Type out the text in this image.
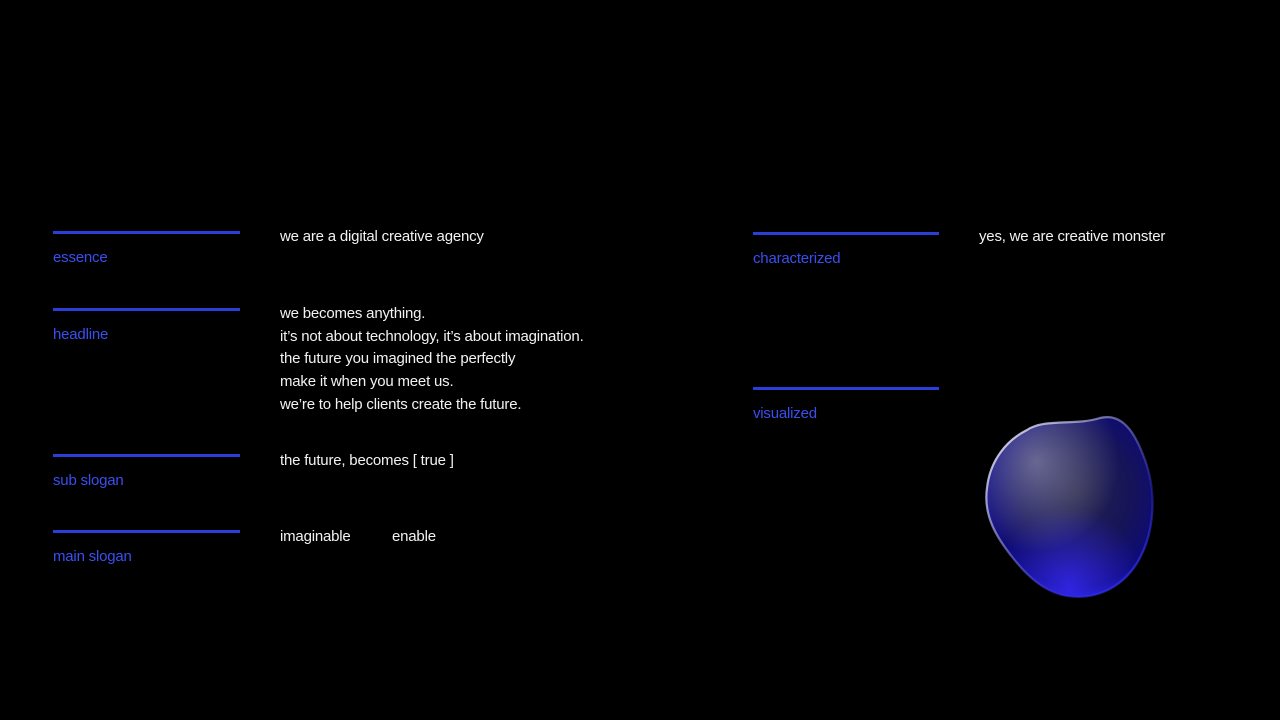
essence
we are a digital creative agency
headline
we becomes anything.
it’s not about technology, it’s about imagination.
the future you imagined the perfectly
make it when you meet us.
we’re to help clients create the future.
sub slogan
the future, becomes [ true ]
main slogan
imaginable	enable
characterized
yes, we are creative monster
visualized
